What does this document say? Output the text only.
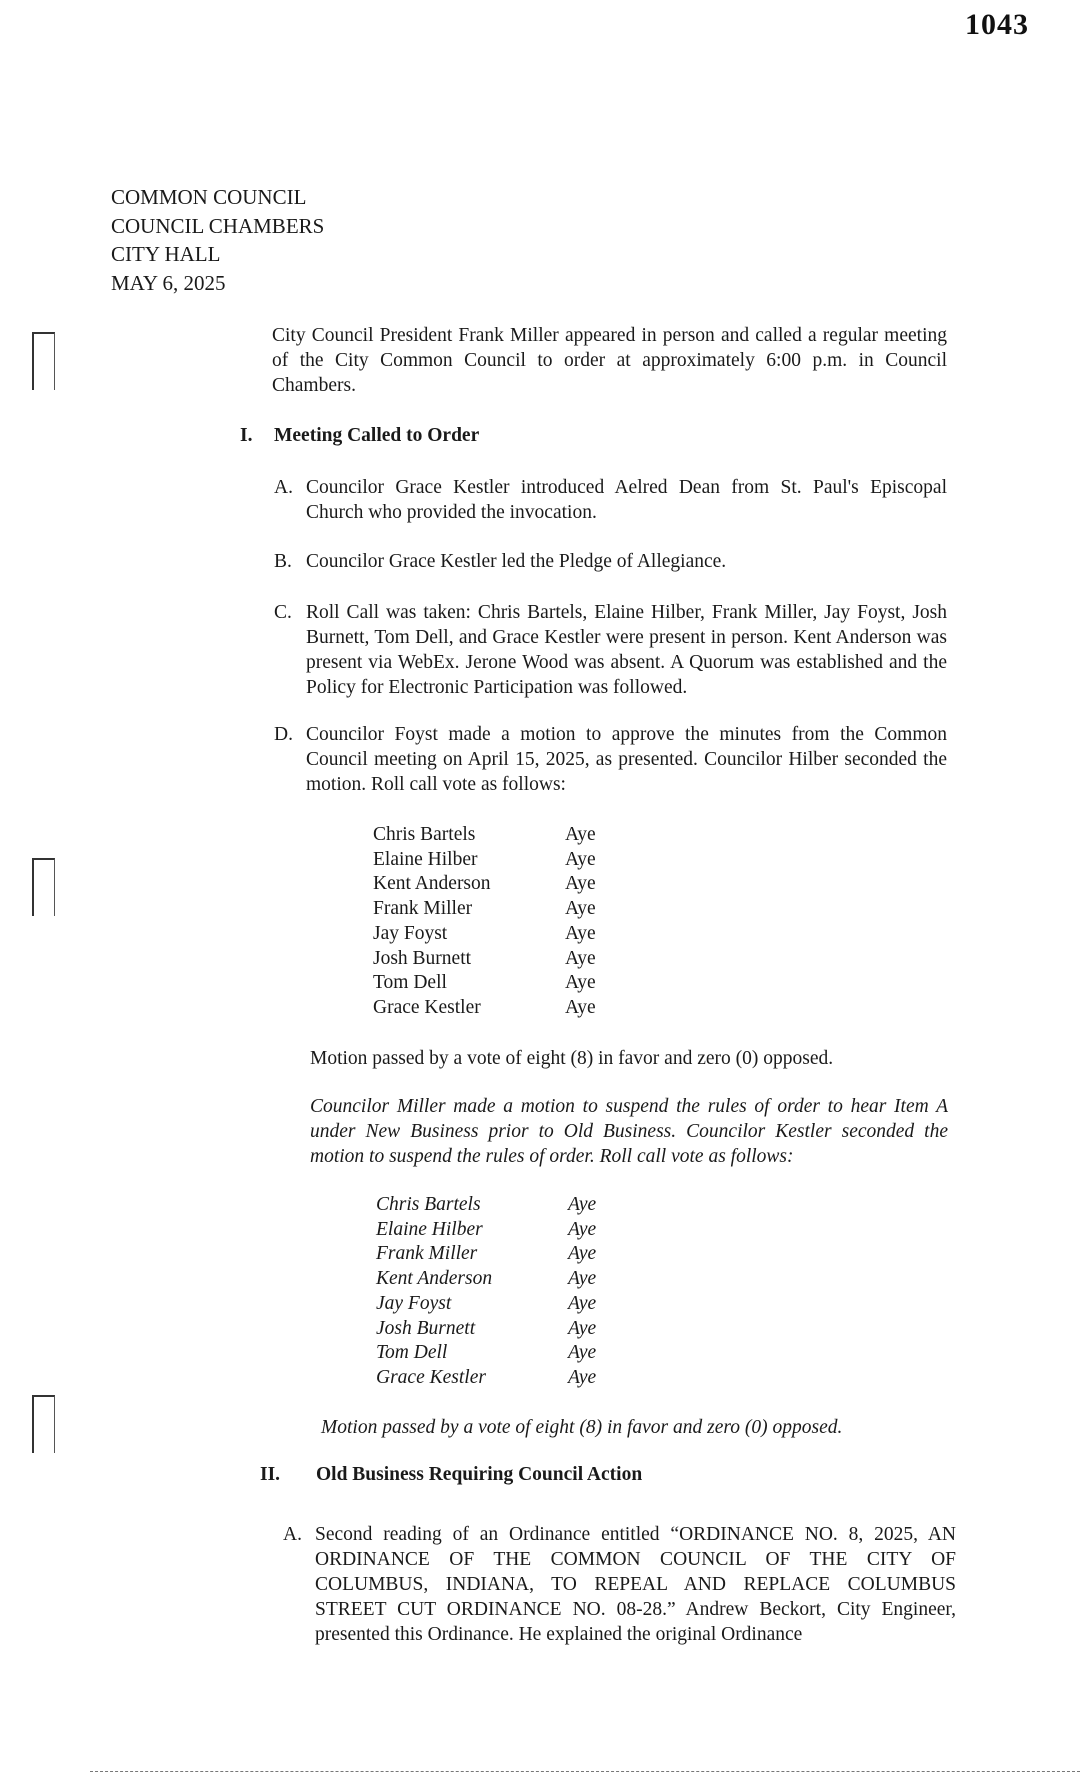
1043
COMMON COUNCIL
COUNCIL CHAMBERS
CITY HALL
MAY 6, 2025
City Council President Frank Miller appeared in person and called a regular meeting of the City Common Council to order at approximately 6:00 p.m. in Council Chambers.
I. Meeting Called to Order
A. Councilor Grace Kestler introduced Aelred Dean from St. Paul's Episcopal Church who provided the invocation.
B. Councilor Grace Kestler led the Pledge of Allegiance.
C. Roll Call was taken: Chris Bartels, Elaine Hilber, Frank Miller, Jay Foyst, Josh Burnett, Tom Dell, and Grace Kestler were present in person. Kent Anderson was present via WebEx. Jerone Wood was absent. A Quorum was established and the Policy for Electronic Participation was followed.
D. Councilor Foyst made a motion to approve the minutes from the Common Council meeting on April 15, 2025, as presented. Councilor Hilber seconded the motion. Roll call vote as follows:
Chris Bartels	Aye
Elaine Hilber	Aye
Kent Anderson	Aye
Frank Miller	Aye
Jay Foyst	Aye
Josh Burnett	Aye
Tom Dell	Aye
Grace Kestler	Aye
Motion passed by a vote of eight (8) in favor and zero (0) opposed.
Councilor Miller made a motion to suspend the rules of order to hear Item A under New Business prior to Old Business. Councilor Kestler seconded the motion to suspend the rules of order. Roll call vote as follows:
Chris Bartels	Aye
Elaine Hilber	Aye
Frank Miller	Aye
Kent Anderson	Aye
Jay Foyst	Aye
Josh Burnett	Aye
Tom Dell	Aye
Grace Kestler	Aye
Motion passed by a vote of eight (8) in favor and zero (0) opposed.
II. Old Business Requiring Council Action
A. Second reading of an Ordinance entitled “ORDINANCE NO. 8, 2025, AN ORDINANCE OF THE COMMON COUNCIL OF THE CITY OF COLUMBUS, INDIANA, TO REPEAL AND REPLACE COLUMBUS STREET CUT ORDINANCE NO. 08-28.” Andrew Beckort, City Engineer, presented this Ordinance. He explained the original Ordinance
